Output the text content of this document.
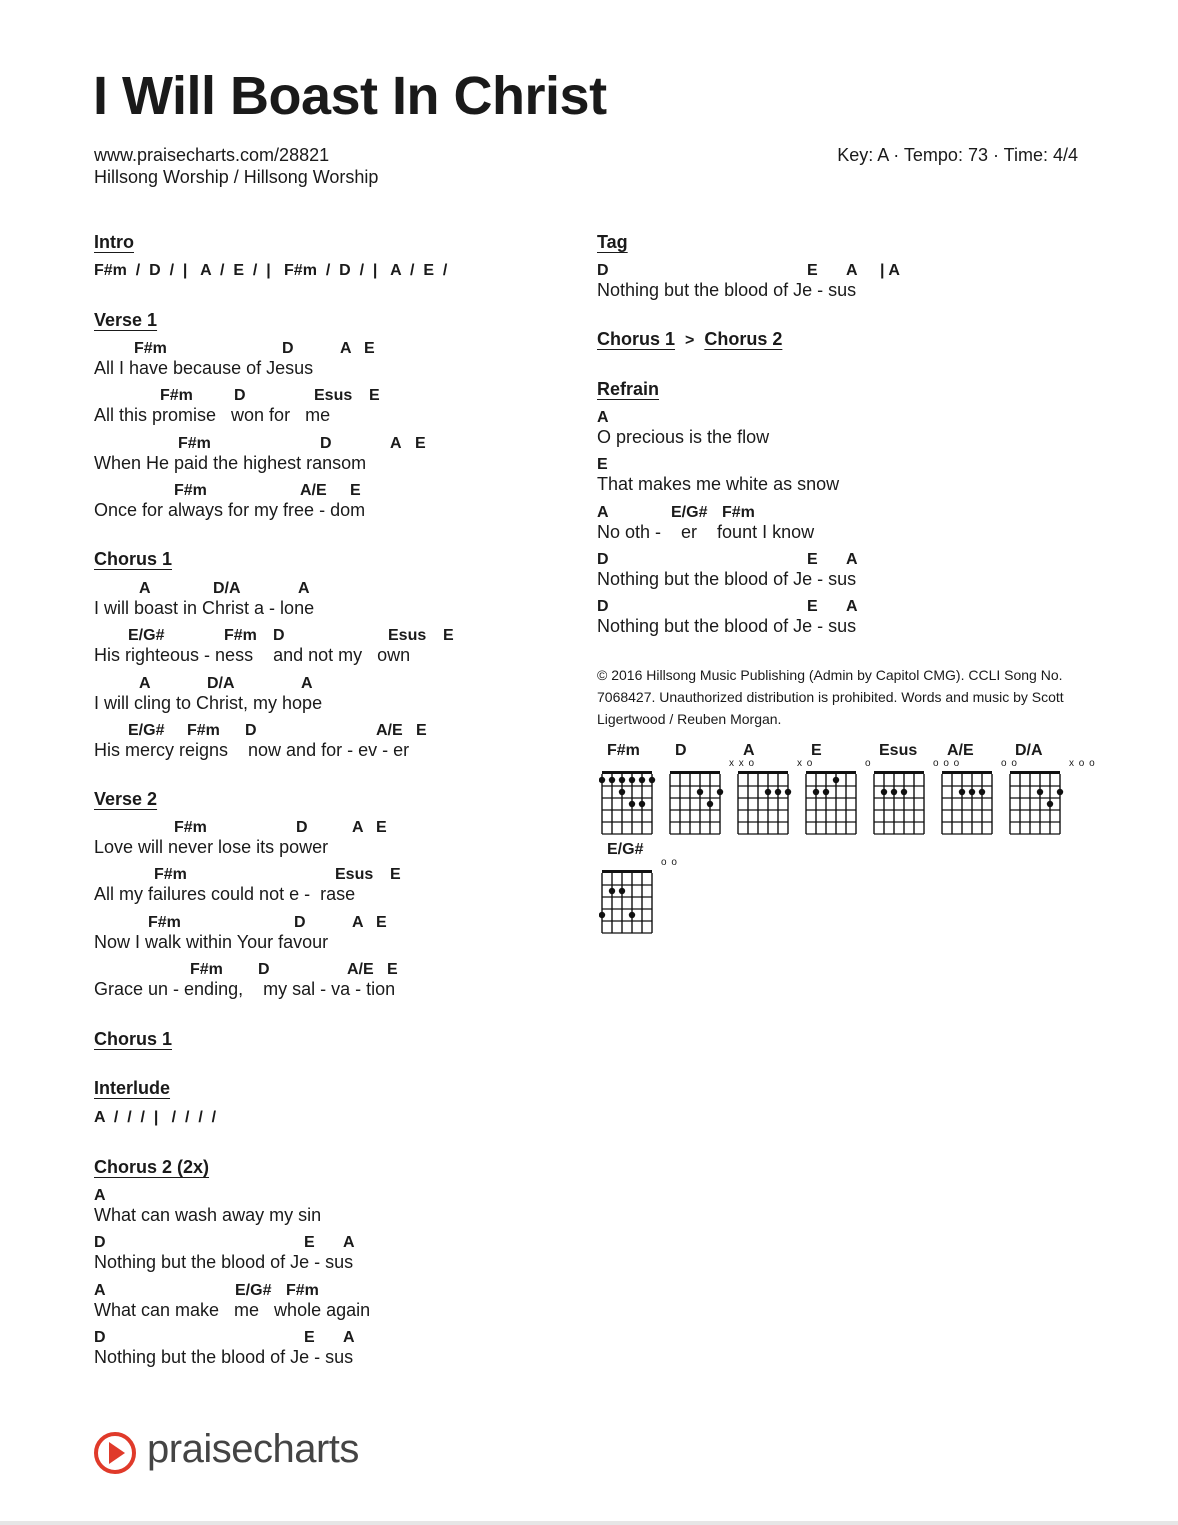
I Will Boast In Christ
www.praisecharts.com/28821
Hillsong Worship / Hillsong Worship
Key: A · Tempo: 73 · Time: 4/4
Intro
F#m  /  D  /  |   A  /  E  /  |   F#m  /  D  /  |   A  /  E  /
Verse 1
F#m	D	A E
All I have because of Jesus
F#m	D	Esus E
All this promise   won for   me
F#m	D	A E
When He paid the highest ransom
F#m	A/E E
Once for always for my free - dom
Chorus 1
A	D/A	A
I will boast in Christ a - lone
E/G#	F#m D	Esus E
His righteous - ness    and not my   own
A	D/A	A
I will cling to Christ, my hope
E/G# F#m D	A/E E
His mercy reigns    now and for - ev - er
Verse 2
F#m	D	A E
Love will never lose its power
F#m	Esus E
All my failures could not e -  rase
F#m	D	A E
Now I walk within Your favour
F#m D	A/E E
Grace un - ending,    my sal - va - tion
Chorus 1
Interlude
A  /  /  /  |   /  /  /  /
Chorus 2 (2x)
A
What can wash away my sin
D	E A
Nothing but the blood of Je - sus
A	E/G# F#m
What can make   me   whole again
D	E A
Nothing but the blood of Je - sus
Tag
D	E A | A
Nothing but the blood of Je - sus
Chorus 1 > Chorus 2
Refrain
A
O precious is the flow
E
That makes me white as snow
A	E/G# F#m
No oth -    er    fount I know
D	E A
Nothing but the blood of Je - sus
D	E A
Nothing but the blood of Je - sus
© 2016 Hillsong Music Publishing (Admin by Capitol CMG). CCLI Song No. 7068427. Unauthorized distribution is prohibited. Words and music by Scott Ligertwood / Reuben Morgan.
F#m D
x x o
A
x o
E
o
Esus
o o o
A/E
o o
D/A
x o o
E/G#
o o
praisecharts
